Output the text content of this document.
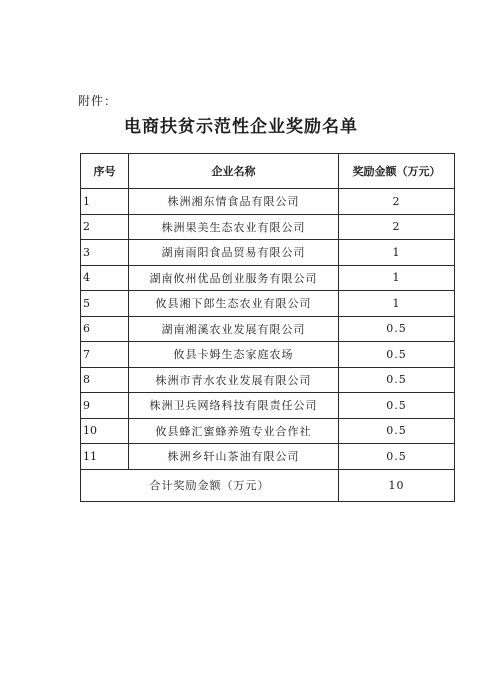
附件：
电商扶贫示范性企业奖励名单
序号	企业名称	奖励金额（万元）
1	株洲湘东情食品有限公司	2
2	株洲果美生态农业有限公司	2
3	湖南雨阳食品贸易有限公司	1
4	湖南攸州优品创业服务有限公司	1
5	攸县湘下郎生态农业有限公司	1
6	湖南湘溪农业发展有限公司	0.5
7	攸县卡姆生态家庭农场	0.5
8	株洲市青水农业发展有限公司	0.5
9	株洲卫兵网络科技有限责任公司	0.5
10	攸县蜂汇蜜蜂养殖专业合作社	0.5
11	株洲乡轩山茶油有限公司	0.5
合计奖励金额（万元）		10
